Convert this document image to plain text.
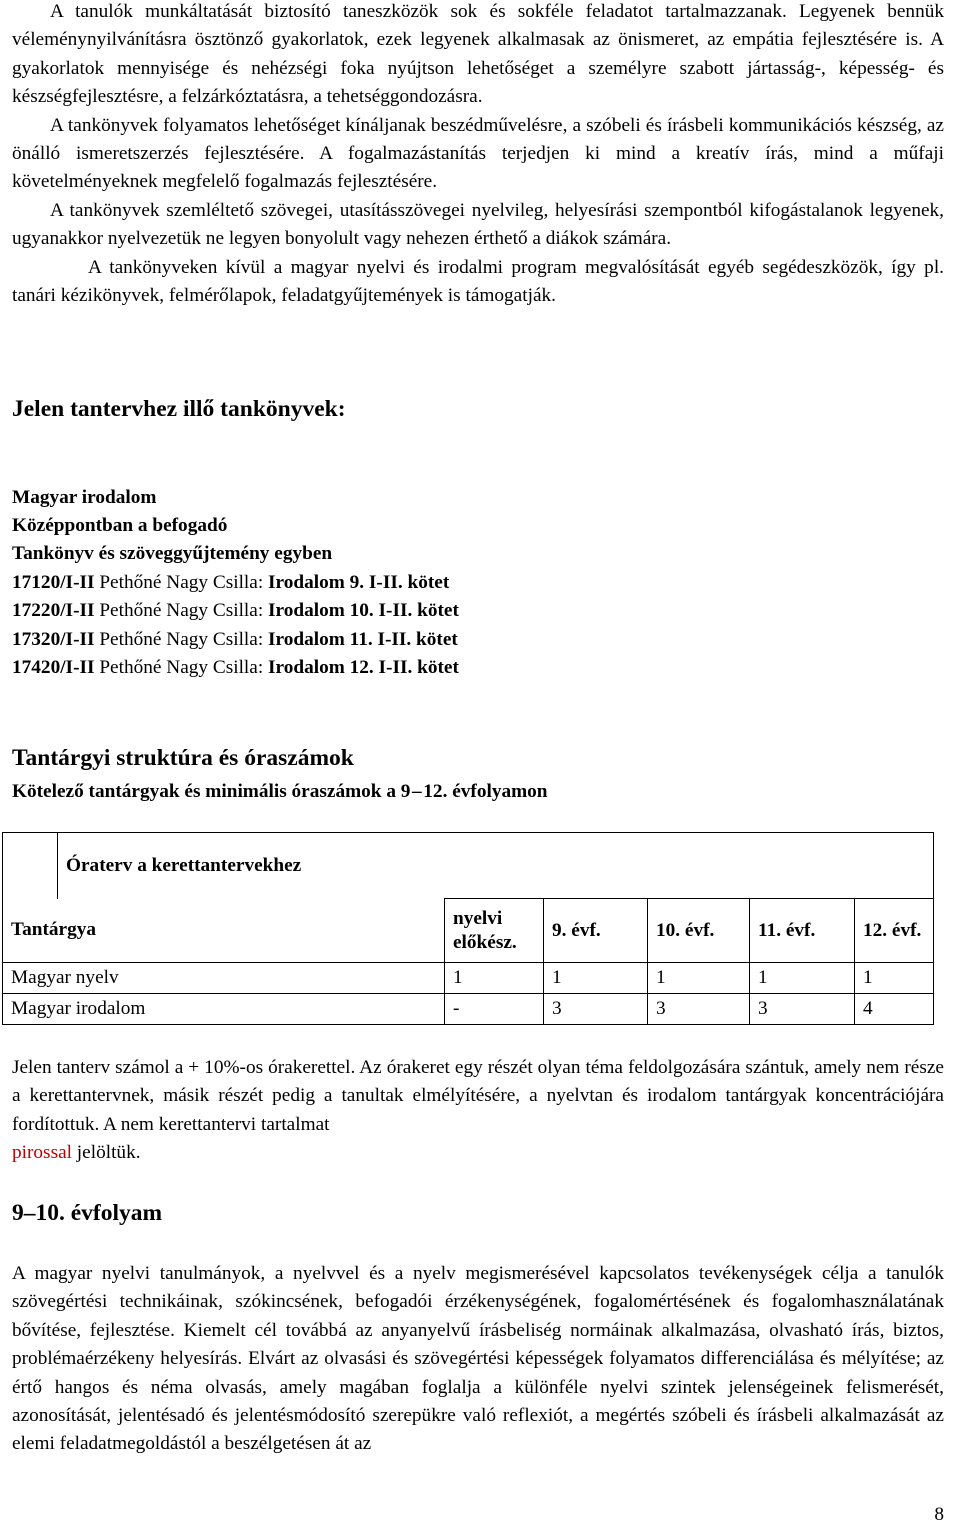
A tanulók munkáltatását biztosító taneszközök sok és sokféle feladatot tartalmazzanak. Legyenek bennük véleménynyilvánításra ösztönző gyakorlatok, ezek legyenek alkalmasak az önismeret, az empátia fejlesztésére is. A gyakorlatok mennyisége és nehézségi foka nyújtson lehetőséget a személyre szabott jártasság-, képesség- és készségfejlesztésre, a felzárkóztatásra, a tehetséggondozásra.

A tankönyvek folyamatos lehetőséget kínáljanak beszédművelésre, a szóbeli és írásbeli kommunikációs készség, az önálló ismeretszerzés fejlesztésére. A fogalmazástanítás terjedjen ki mind a kreatív írás, mind a műfaji követelményeknek megfelelő fogalmazás fejlesztésére.

A tankönyvek szemléltető szövegei, utasításszövegei nyelvileg, helyesírási szempontból kifogástalanok legyenek, ugyanakkor nyelvezetük ne legyen bonyolult vagy nehezen érthető a diákok számára.

A tankönyveken kívül a magyar nyelvi és irodalmi program megvalósítását egyéb segédeszközök, így pl. tanári kézikönyvek, felmérőlapok, feladatgyűjtemények is támogatják.

Jelen tantervhez illő tankönyvek:
Magyar irodalom
Középpontban a befogadó
Tankönyv és szöveggyűjtemény egyben
17120/I-II Pethőné Nagy Csilla: Irodalom 9. I-II. kötet
17220/I-II Pethőné Nagy Csilla: Irodalom 10. I-II. kötet
17320/I-II Pethőné Nagy Csilla: Irodalom 11. I-II. kötet
17420/I-II Pethőné Nagy Csilla: Irodalom 12. I-II. kötet
Tantárgyi struktúra és óraszámok
Kötelező tantárgyak és minimális óraszámok a 9 – 12. évfolyamon
	Óraterv a kerettantervekhez					
Tantárgya		nyelvi előkész.	9. évf.	10. évf.	11. évf.	12. évf.
Magyar nyelv		1	1	1	1	1
Magyar irodalom		-	3	3	3	4

Jelen tanterv számol a + 10%-os órakerettel. Az órakeret egy részét olyan téma feldolgozására szántuk, amely nem része a kerettantervnek, másik részét pedig a tanultak elmélyítésére, a nyelvtan és irodalom tantárgyak koncentrációjára fordítottuk. A nem kerettantervi tartalmat
pirossal jelöltük.

9–10. évfolyam

A magyar nyelvi tanulmányok, a nyelvvel és a nyelv megismerésével kapcsolatos tevékenységek célja a tanulók szövegértési technikáinak, szókincsének, befogadói érzékenységének, fogalomértésének és fogalomhasználatának bővítése, fejlesztése. Kiemelt cél továbbá az anyanyelvű írásbeliség normáinak alkalmazása, olvasható írás, biztos, problémaérzékeny helyesírás. Elvárt az olvasási és szövegértési képességek folyamatos differenciálása és mélyítése; az értő hangos és néma olvasás, amely magában foglalja a különféle nyelvi szintek jelenségeinek felismerését, azonosítását, jelentésadó és jelentésmódosító szerepükre való reflexiót, a megértés szóbeli és írásbeli alkalmazását az elemi feladatmegoldástól a beszélgetésen át az

8
